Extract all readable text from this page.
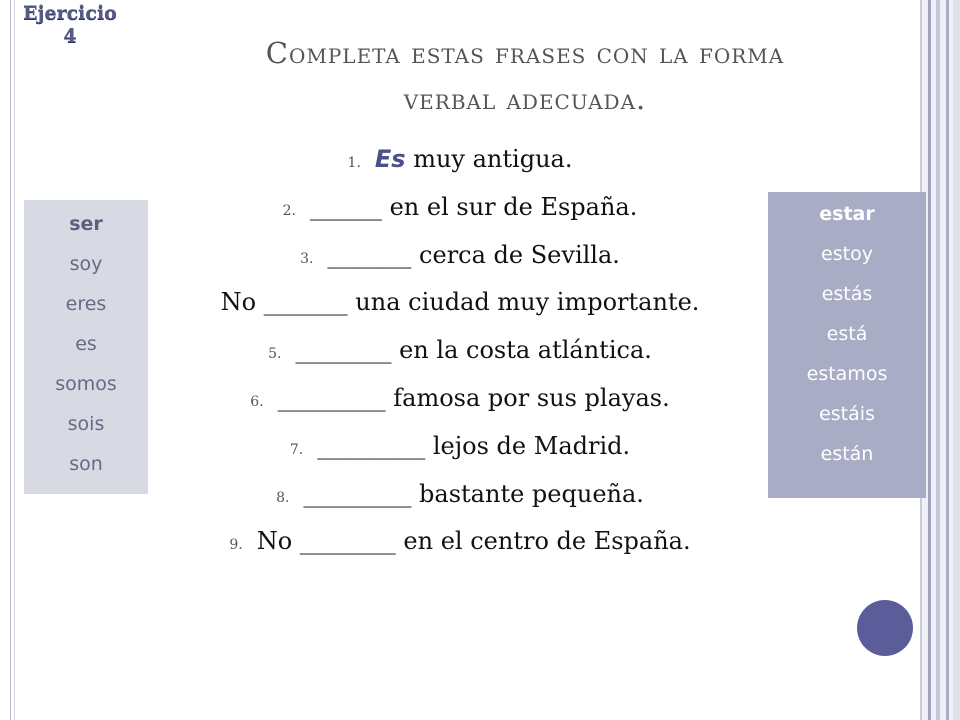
Ejercicio
4	Completa estas frases con la forma
verbal adecuada.
1. Es muy antigua.
2. ______ en el sur de España.
3. _______ cerca de Sevilla.
No _______ una ciudad muy importante.
5. ________ en la costa atlántica.
6. _________ famosa por sus playas.
7. _________ lejos de Madrid.
8. _________ bastante pequeña.
9. No ________ en el centro de España.
ser
soy
eres
es
somos
sois
son
estar
estoy
estás
está
estamos
estáis
están
